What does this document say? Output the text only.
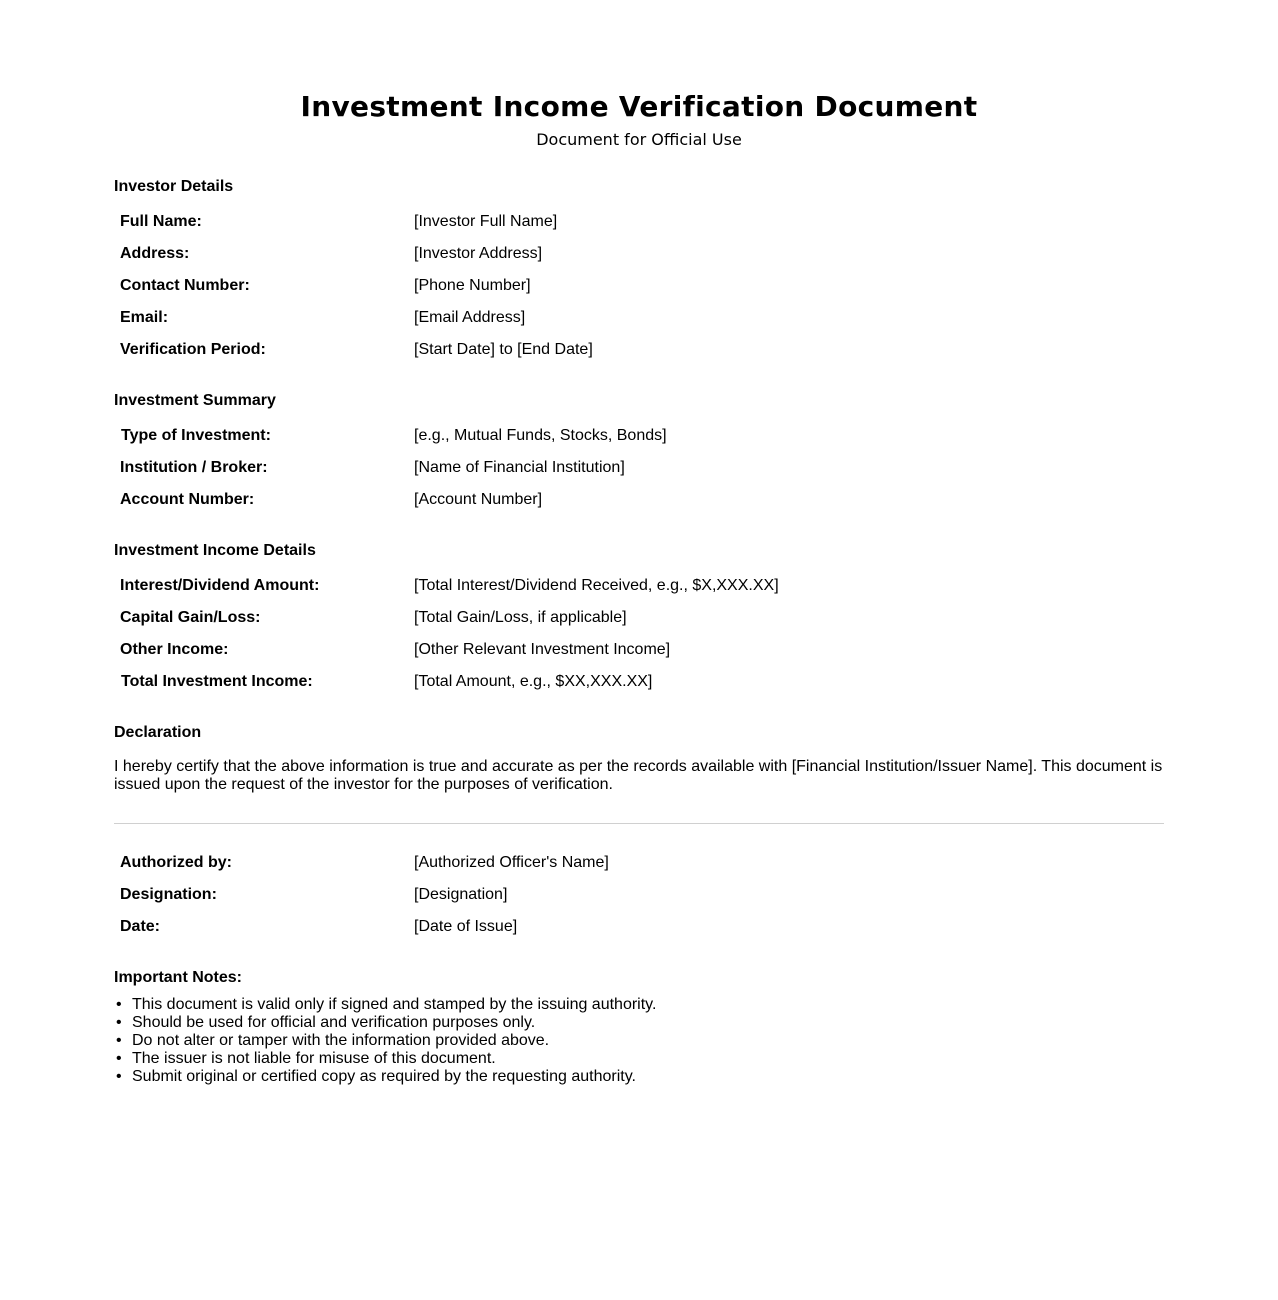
Investment Income Verification Document
Document for Official Use
Investor Details
Full Name:	[Investor Full Name]
Address:	[Investor Address]
Contact Number:	[Phone Number]
Email:	[Email Address]
Verification Period:	[Start Date] to [End Date]
Investment Summary
Type of Investment:	[e.g., Mutual Funds, Stocks, Bonds]
Institution / Broker:	[Name of Financial Institution]
Account Number:	[Account Number]
Investment Income Details
Interest/Dividend Amount:	[Total Interest/Dividend Received, e.g., $X,XXX.XX]
Capital Gain/Loss:	[Total Gain/Loss, if applicable]
Other Income:	[Other Relevant Investment Income]
Total Investment Income:	[Total Amount, e.g., $XX,XXX.XX]
Declaration

I hereby certify that the above information is true and accurate as per the records available with [Financial Institution/Issuer Name]. This document is issued upon the request of the investor for the purposes of verification.

Authorized by:	[Authorized Officer's Name]
Designation:	[Designation]
Date:	[Date of Issue]
Important Notes:
• This document is valid only if signed and stamped by the issuing authority.
• Should be used for official and verification purposes only.
• Do not alter or tamper with the information provided above.
• The issuer is not liable for misuse of this document.
• Submit original or certified copy as required by the requesting authority.
